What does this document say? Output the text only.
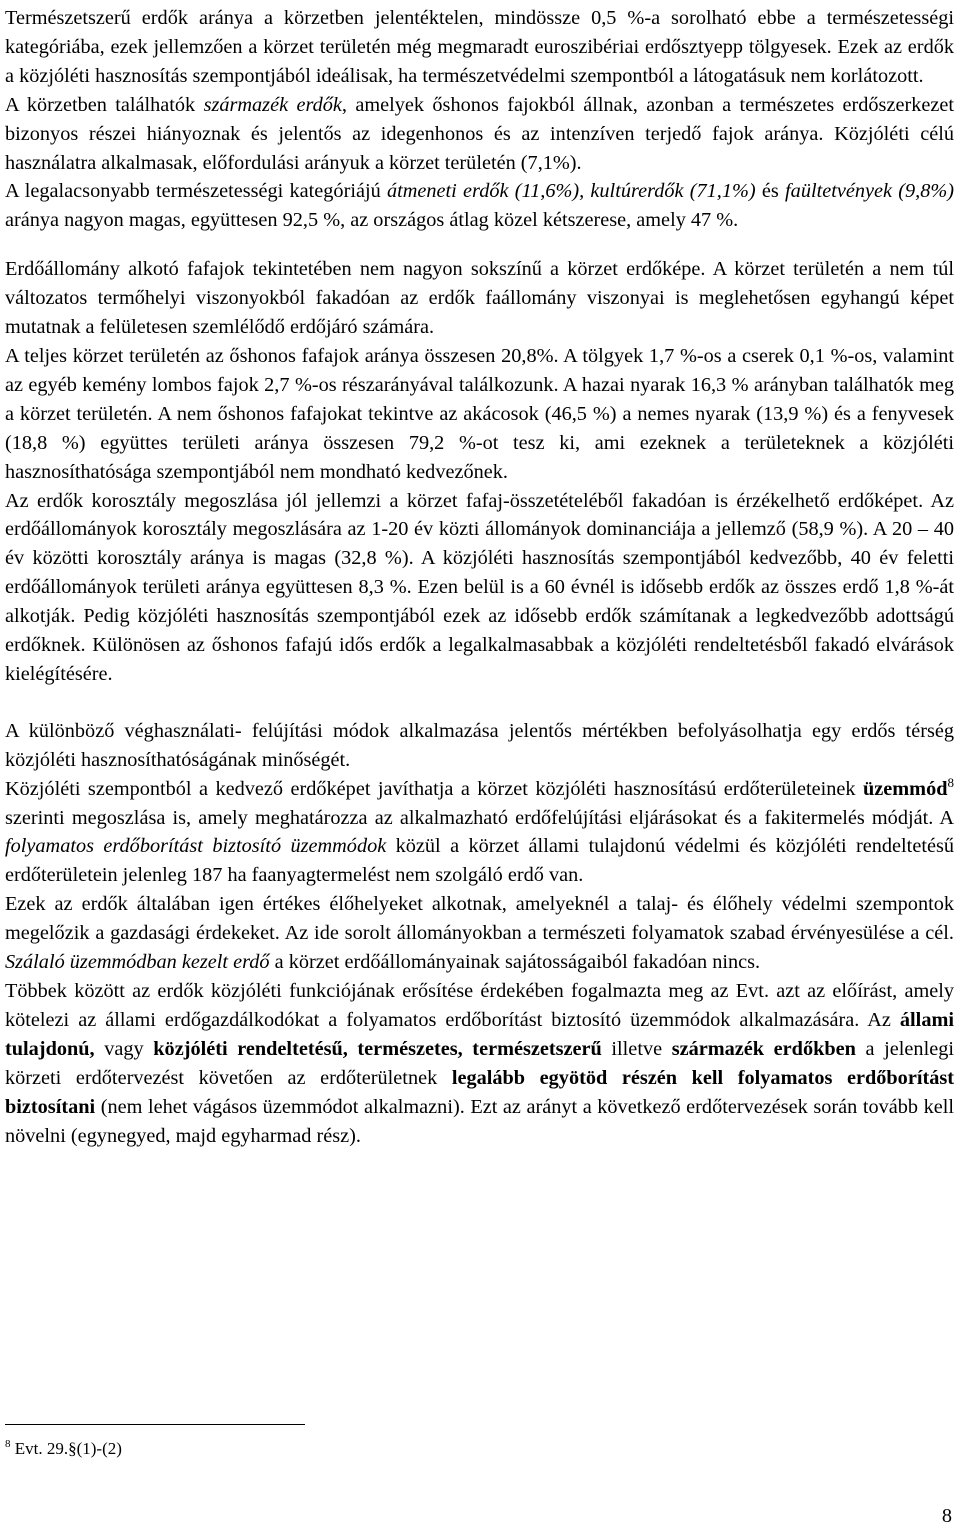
Természetszerű erdők aránya a körzetben jelentéktelen, mindössze 0,5 %-a sorolható ebbe a természetességi kategóriába, ezek jellemzően a körzet területén még megmaradt euroszibériai erdősztyepp tölgyesek. Ezek az erdők a közjóléti hasznosítás szempontjából ideálisak, ha természetvédelmi szempontból a látogatásuk nem korlátozott.

A körzetben találhatók származék erdők, amelyek őshonos fajokból állnak, azonban a természetes erdőszerkezet bizonyos részei hiányoznak és jelentős az idegenhonos és az intenzíven terjedő fajok aránya. Közjóléti célú használatra alkalmasak, előfordulási arányuk a körzet területén (7,1%).

A legalacsonyabb természetességi kategóriájú átmeneti erdők (11,6%), kultúrerdők (71,1%) és faültetvények (9,8%) aránya nagyon magas, együttesen 92,5 %, az országos átlag közel kétszerese, amely 47 %.

Erdőállomány alkotó fafajok tekintetében nem nagyon sokszínű a körzet erdőképe. A körzet területén a nem túl változatos termőhelyi viszonyokból fakadóan az erdők faállomány viszonyai is meglehetősen egyhangú képet mutatnak a felületesen szemlélődő erdőjáró számára.

A teljes körzet területén az őshonos fafajok aránya összesen 20,8%. A tölgyek 1,7 %-os a cserek 0,1 %-os, valamint az egyéb kemény lombos fajok 2,7 %-os részarányával találkozunk. A hazai nyarak 16,3 % arányban találhatók meg a körzet területén. A nem őshonos fafajokat tekintve az akácosok (46,5 %) a nemes nyarak (13,9 %) és a fenyvesek (18,8 %) együttes területi aránya összesen 79,2 %-ot tesz ki, ami ezeknek a területeknek a közjóléti hasznosíthatósága szempontjából nem mondható kedvezőnek.

Az erdők korosztály megoszlása jól jellemzi a körzet fafaj-összetételéből fakadóan is érzékelhető erdőképet. Az erdőállományok korosztály megoszlására az 1-20 év közti állományok dominanciája a jellemző (58,9 %). A 20 – 40 év közötti korosztály aránya is magas (32,8 %). A közjóléti hasznosítás szempontjából kedvezőbb, 40 év feletti erdőállományok területi aránya együttesen 8,3 %. Ezen belül is a 60 évnél is idősebb erdők az összes erdő 1,8 %-át alkotják. Pedig közjóléti hasznosítás szempontjából ezek az idősebb erdők számítanak a legkedvezőbb adottságú erdőknek. Különösen az őshonos fafajú idős erdők a legalkalmasabbak a közjóléti rendeltetésből fakadó elvárások kielégítésére.

A különböző véghasználati- felújítási módok alkalmazása jelentős mértékben befolyásolhatja egy erdős térség közjóléti hasznosíthatóságának minőségét.

Közjóléti szempontból a kedvező erdőképet javíthatja a körzet közjóléti hasznosítású erdőterületeinek üzemmód$^8$ szerinti megoszlása is, amely meghatározza az alkalmazható erdőfelújítási eljárásokat és a fakitermelés módját. A folyamatos erdőborítást biztosító üzemmódok közül a körzet állami tulajdonú védelmi és közjóléti rendeltetésű erdőterületein jelenleg 187 ha faanyagtermelést nem szolgáló erdő van.

Ezek az erdők általában igen értékes élőhelyeket alkotnak, amelyeknél a talaj- és élőhely védelmi szempontok megelőzik a gazdasági érdekeket. Az ide sorolt állományokban a természeti folyamatok szabad érvényesülése a cél. Szálaló üzemmódban kezelt erdő a körzet erdőállományainak sajátosságaiból fakadóan nincs.

Többek között az erdők közjóléti funkciójának erősítése érdekében fogalmazta meg az Evt. azt az előírást, amely kötelezi az állami erdőgazdálkodókat a folyamatos erdőborítást biztosító üzemmódok alkalmazására. Az állami tulajdonú, vagy közjóléti rendeltetésű, természetes, természetszerű illetve származék erdőkben a jelenlegi körzeti erdőtervezést követően az erdőterületnek legalább egyötöd részén kell folyamatos erdőborítást biztosítani (nem lehet vágásos üzemmódot alkalmazni). Ezt az arányt a következő erdőtervezések során tovább kell növelni (egynegyed, majd egyharmad rész).

$^8$ Evt. 29.§(1)-(2)
8
